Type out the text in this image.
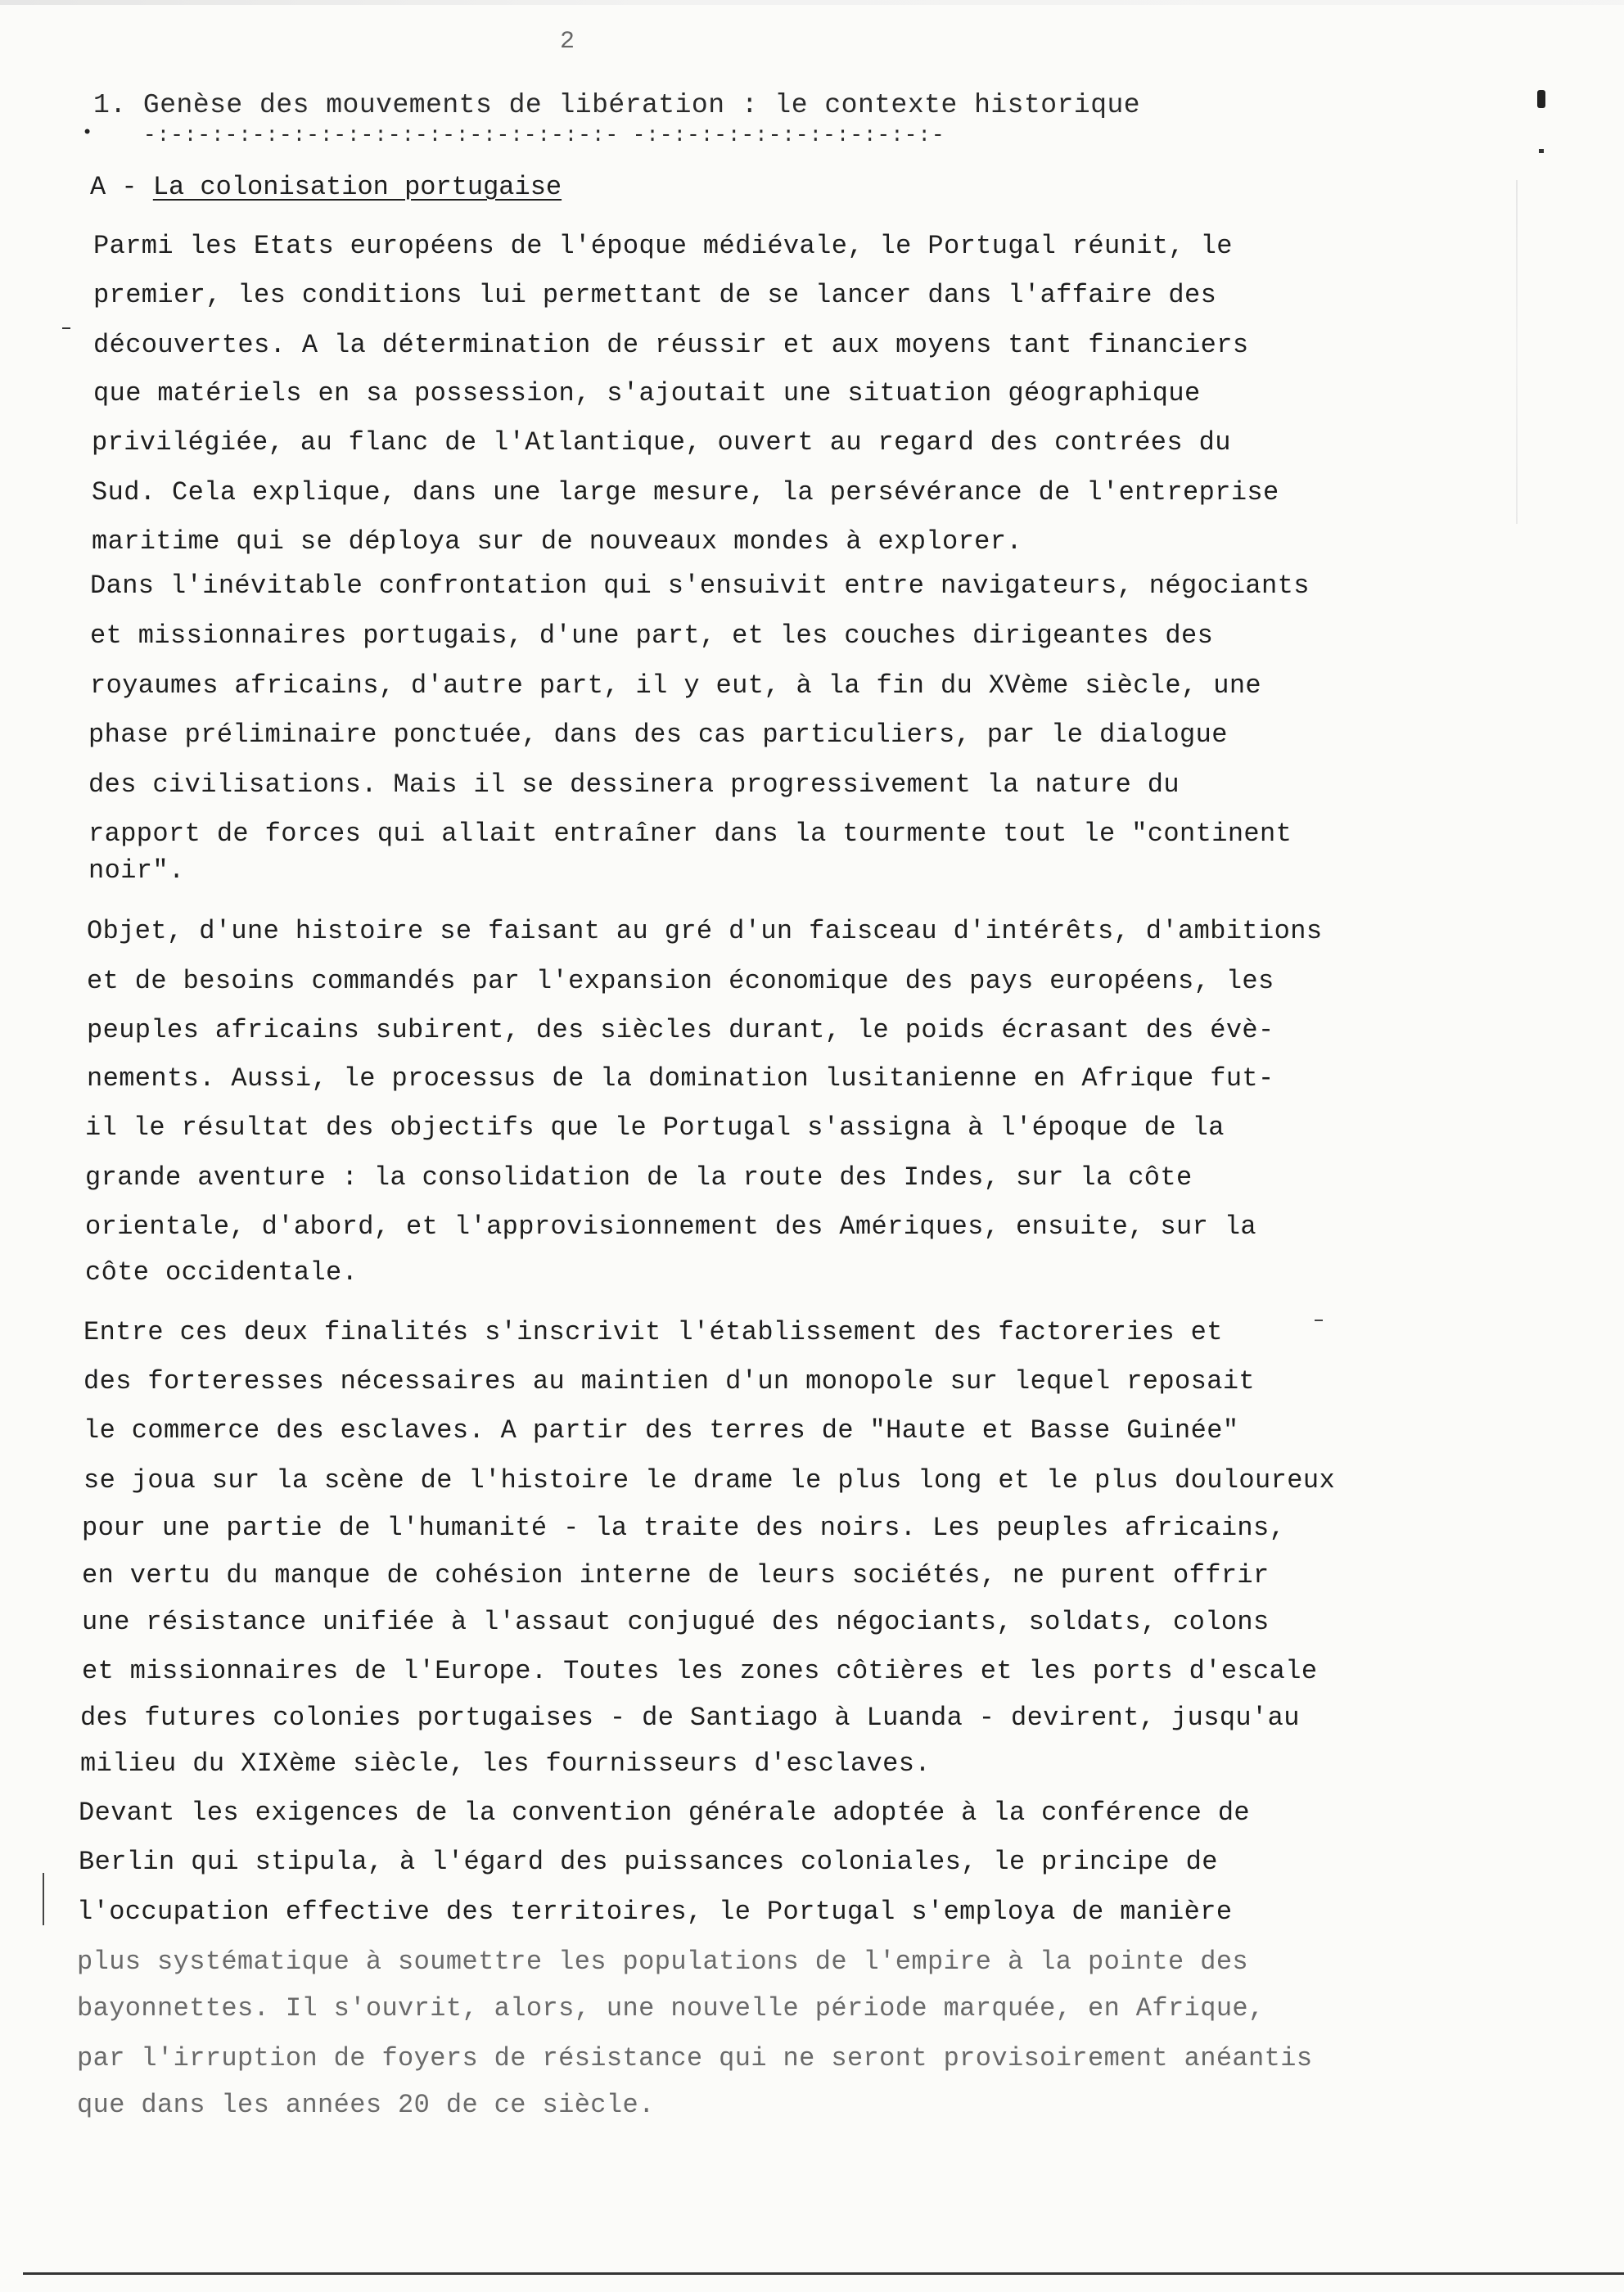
2
1. Genèse des mouvements de libération : le contexte historique
• -:-:-:-:-:-:-:-:-:-:-:-:-:-:-:-:-:- -:-:-:-:-:-:-:-:-:-:-:-
A - La colonisation portugaise
Parmi les Etats européens de l'époque médiévale, le Portugal réunit, le
premier, les conditions lui permettant de se lancer dans l'affaire des
découvertes. A la détermination de réussir et aux moyens tant financiers
que matériels en sa possession, s'ajoutait une situation géographique
privilégiée, au flanc de l'Atlantique, ouvert au regard des contrées du
Sud. Cela explique, dans une large mesure, la persévérance de l'entreprise
maritime qui se déploya sur de nouveaux mondes à explorer.
Dans l'inévitable confrontation qui s'ensuivit entre navigateurs, négociants
et missionnaires portugais, d'une part, et les couches dirigeantes des
royaumes africains, d'autre part, il y eut, à la fin du XVème siècle, une
phase préliminaire ponctuée, dans des cas particuliers, par le dialogue
des civilisations. Mais il se dessinera progressivement la nature du
rapport de forces qui allait entraîner dans la tourmente tout le "continent
noir".
Objet, d'une histoire se faisant au gré d'un faisceau d'intérêts, d'ambitions
et de besoins commandés par l'expansion économique des pays européens, les
peuples africains subirent, des siècles durant, le poids écrasant des évè-
nements. Aussi, le processus de la domination lusitanienne en Afrique fut-
il le résultat des objectifs que le Portugal s'assigna à l'époque de la
grande aventure : la consolidation de la route des Indes, sur la côte
orientale, d'abord, et l'approvisionnement des Amériques, ensuite, sur la
côte occidentale.
Entre ces deux finalités s'inscrivit l'établissement des factoreries et
des forteresses nécessaires au maintien d'un monopole sur lequel reposait
le commerce des esclaves. A partir des terres de "Haute et Basse Guinée"
se joua sur la scène de l'histoire le drame le plus long et le plus douloureux
pour une partie de l'humanité - la traite des noirs. Les peuples africains,
en vertu du manque de cohésion interne de leurs sociétés, ne purent offrir
une résistance unifiée à l'assaut conjugué des négociants, soldats, colons
et missionnaires de l'Europe. Toutes les zones côtières et les ports d'escale
des futures colonies portugaises - de Santiago à Luanda - devirent, jusqu'au
milieu du XIXème siècle, les fournisseurs d'esclaves.
Devant les exigences de la convention générale adoptée à la conférence de
Berlin qui stipula, à l'égard des puissances coloniales, le principe de
l'occupation effective des territoires, le Portugal s'employa de manière
plus systématique à soumettre les populations de l'empire à la pointe des
bayonnettes. Il s'ouvrit, alors, une nouvelle période marquée, en Afrique,
par l'irruption de foyers de résistance qui ne seront provisoirement anéantis
que dans les années 20 de ce siècle.
